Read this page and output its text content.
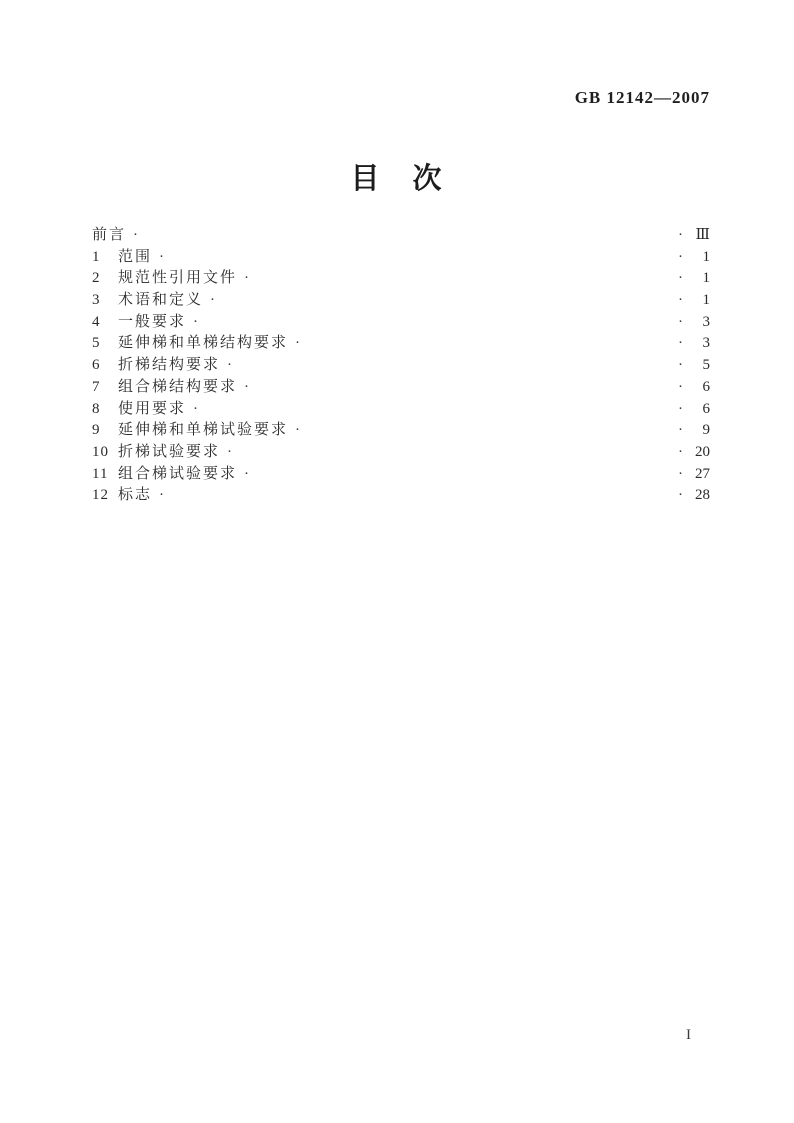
GB 12142—2007
目　次
前言 ·	· Ⅲ
1	范围 ·	·	1
2	规范性引用文件 ·	·	1
3	术语和定义 ·	·	1
4	一般要求 ·	·	3
5	延伸梯和单梯结构要求 ·	·	3
6	折梯结构要求 ·	·	5
7	组合梯结构要求 ·	·	6
8	使用要求 ·	·	6
9	延伸梯和单梯试验要求 ·	·	9
10 折梯试验要求 ·	· 20
11 组合梯试验要求 ·	· 27
12 标志 ·	· 28
I
